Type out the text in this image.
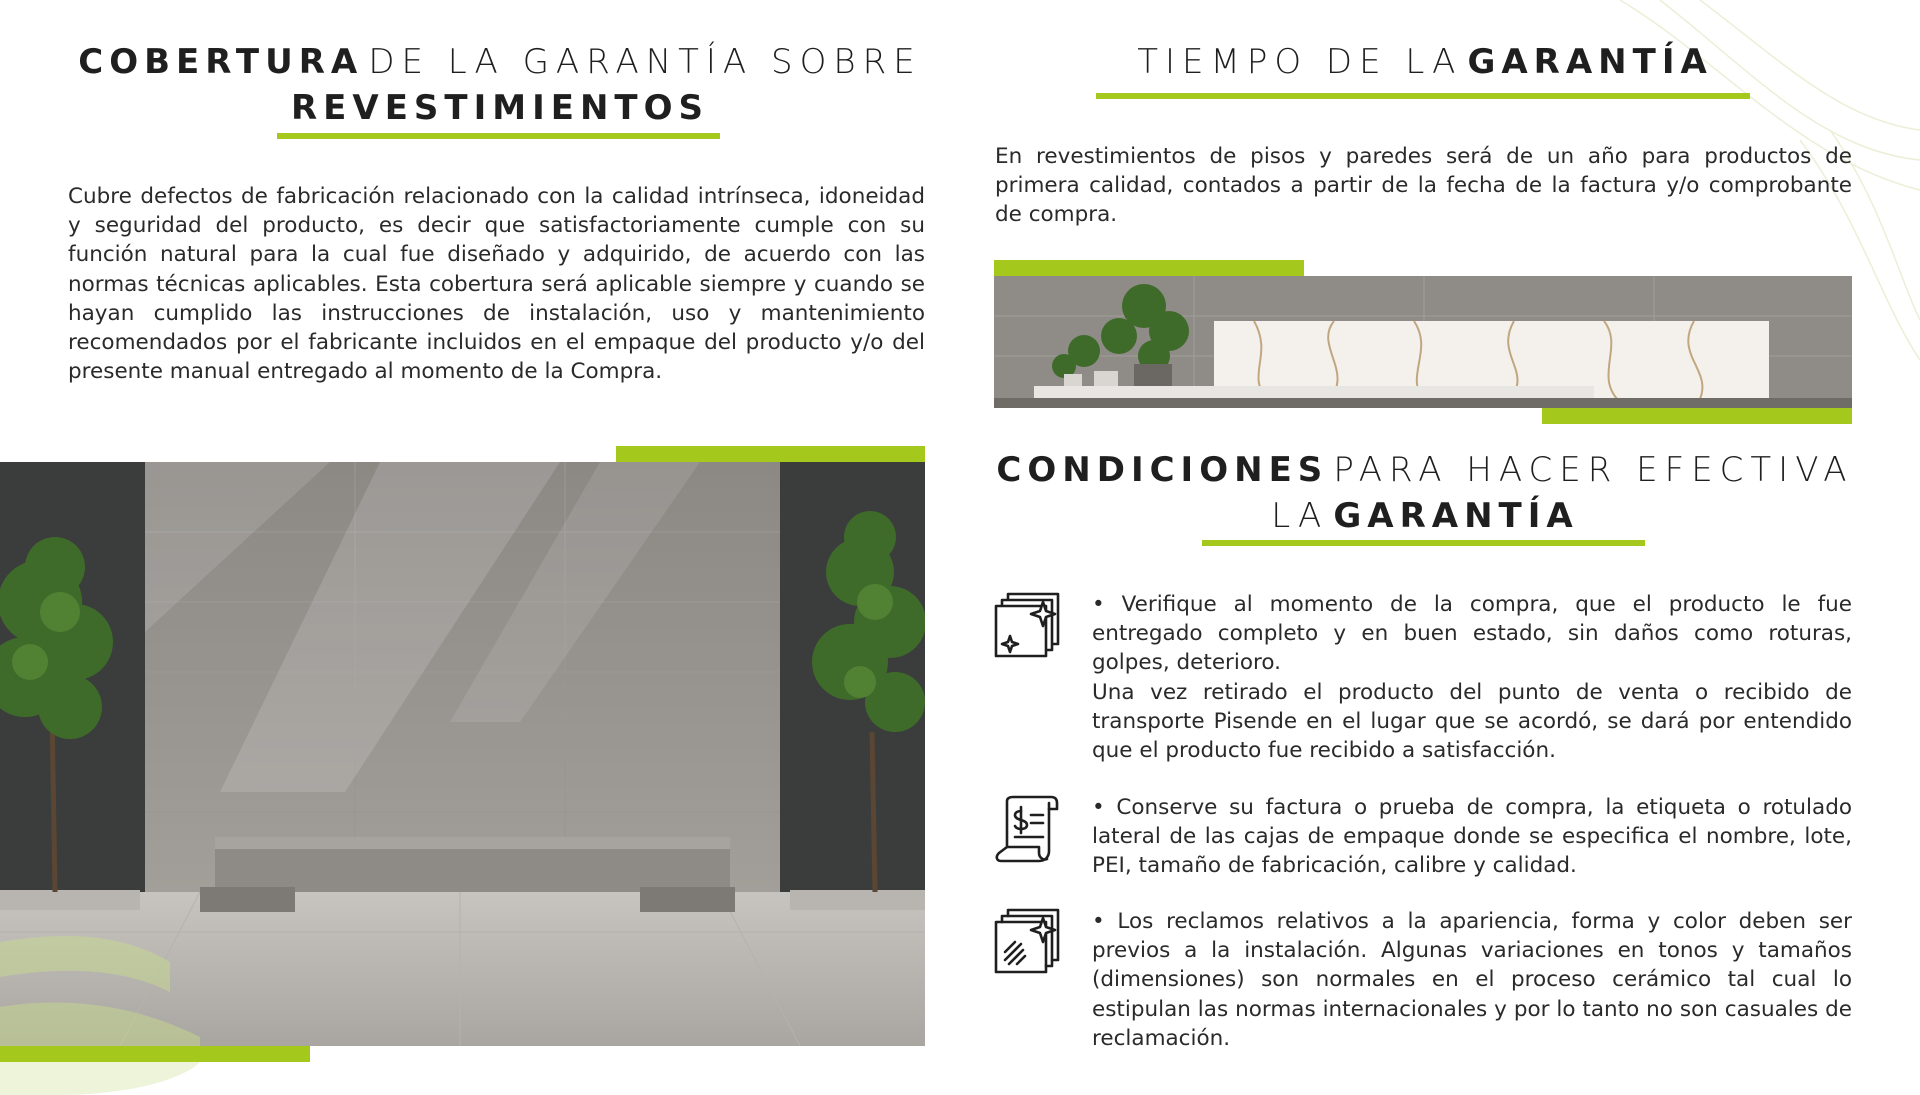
COBERTURA DE LA GARANTÍA SOBRE
REVESTIMIENTOS

Cubre defectos de fabricación relacionado con la calidad intrínseca, idoneidad y seguridad del producto, es decir que satisfactoriamente cumple con su función natural para la cual fue diseñado y adquirido, de acuerdo con las normas técnicas aplicables. Esta cobertura será aplicable siempre y cuando se hayan cumplido las instrucciones de instalación, uso y mantenimiento recomendados por el fabricante incluidos en el empaque del producto y/o del presente manual entregado al momento de la Compra.

TIEMPO DE LA GARANTÍA

En revestimientos de pisos y paredes será de un año para productos de primera calidad, contados a partir de la fecha de la factura y/o comprobante de compra.

CONDICIONES PARA HACER EFECTIVA
LA GARANTÍA

• Verifique al momento de la compra, que el producto le fue entregado completo y en buen estado, sin daños como roturas, golpes, deterioro.

Una vez retirado el producto del punto de venta o recibido de transporte Pisende en el lugar que se acordó, se dará por entendido que el producto fue recibido a satisfacción.

• Conserve su factura o prueba de compra, la etiqueta o rotulado lateral de las cajas de empaque donde se especifica el nombre, lote, PEI, tamaño de fabricación, calibre y calidad.

• Los reclamos relativos a la apariencia, forma y color deben ser previos a la instalación. Algunas variaciones en tonos y tamaños (dimensiones) son normales en el proceso cerámico tal cual lo estipulan las normas internacionales y por lo tanto no son casuales de reclamación.
